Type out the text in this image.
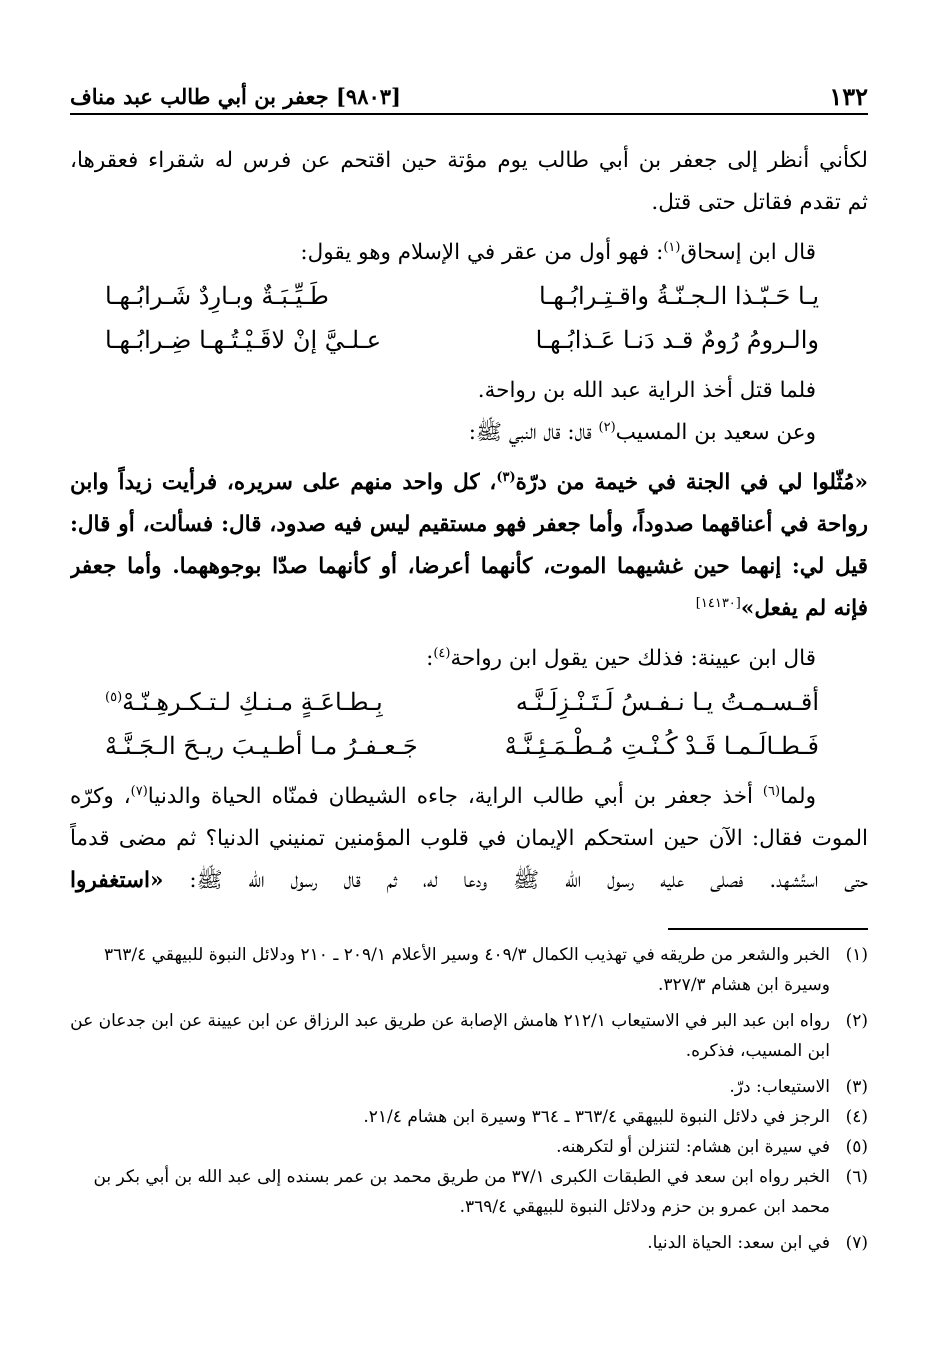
١٣٢
[٩٨٠٣] جعفر بن أبي طالب عبد مناف
لكأني أنظر إلى جعفر بن أبي طالب يوم مؤتة حين اقتحم عن فرس له شقراء فعقرها،
ثم تقدم فقاتل حتى قتل.
قال ابن إسحاق$^{(١)}$: فهو أول من عقر في الإسلام وهو يقول:
يـا حَـبّـذا الـجـنّـةُ واقـتِـرابُـهـا
طَـيِّـبَـةٌ وبـارِدٌ شَـرابُـهـا
والـرومُ رُومٌ قـد دَنـا عَـذابُـهـا
عـلـيَّ إنْ لاقَـيْـتُـهـا ضِـرابُـهـا
فلما قتل أخذ الراية عبد الله بن رواحة.
وعن سعيد بن المسيب$^{(٢)}$ قال: قال النبي ﷺ:
«مُثّلوا لي في الجنة في خيمة من درّة$^{(٣)}$، كل واحد منهم على سريره، فرأيت زيداً وابن
رواحة في أعناقهما صدوداً، وأما جعفر فهو مستقيم ليس فيه صدود، قال: فسألت، أو قال:
قيل لي: إنهما حين غشيهما الموت، كأنهما أعرضا، أو كأنهما صدّا بوجوههما. وأما جعفر
فإنه لم يفعل»[١٤١٣٠]
قال ابن عيينة: فذلك حين يقول ابن رواحة$^{(٤)}$:
أقـسـمـتُ يـا نـفـسُ لَـتَـنْـزِلَـنَّـه
بِـطـاعَـةٍ مـنـكِ لـتـكـرهِـنّـهْ$^{(٥)}$
فَـطـالَـمـا قَـدْ كُـنْـتِ مُـطْـمَـئِـنَّـهْ
جَـعـفـرُ مـا أطـيـبَ ريـحَ الـجَـنَّـهْ
ولما$^{(٦)}$ أخذ جعفر بن أبي طالب الراية، جاءه الشيطان فمنّاه الحياة والدنيا$^{(٧)}$، وكرّه
الموت فقال: الآن حين استحكم الإيمان في قلوب المؤمنين تمنيني الدنيا؟ ثم مضى قدماً
حتى استُشهد. فصلى عليه رسول الله ﷺ ودعا له، ثم قال رسول الله ﷺ: «استغفروا
(١)
الخبر والشعر من طريقه في تهذيب الكمال ٤٠٩/٣ وسير الأعلام ٢٠٩/١ ـ ٢١٠ ودلائل النبوة للبيهقي ٣٦٣/٤
وسيرة ابن هشام ٣٢٧/٣.
(٢)
رواه ابن عبد البر في الاستيعاب ٢١٢/١ هامش الإصابة عن طريق عبد الرزاق عن ابن عيينة عن ابن جدعان عن
ابن المسيب، فذكره.
(٣)
الاستيعاب: درّ.
(٤)
الرجز في دلائل النبوة للبيهقي ٣٦٣/٤ ـ ٣٦٤ وسيرة ابن هشام ٢١/٤.
(٥)
في سيرة ابن هشام: لتنزلن أو لتكرهنه.
(٦)
الخبر رواه ابن سعد في الطبقات الكبرى ٣٧/١ من طريق محمد بن عمر بسنده إلى عبد الله بن أبي بكر بن
محمد ابن عمرو بن حزم ودلائل النبوة للبيهقي ٣٦٩/٤.
(٧)
في ابن سعد: الحياة الدنيا.
